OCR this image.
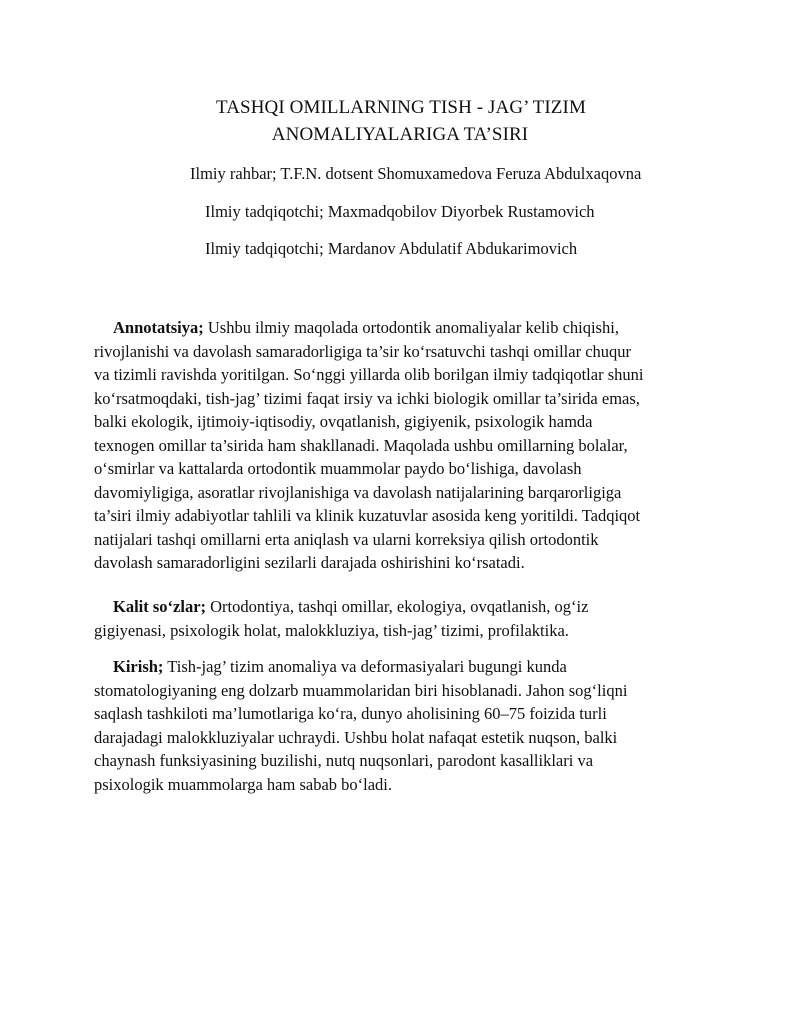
TASHQI OMILLARNING TISH - JAG’ TIZIM
ANOMALIYALARIGA TA’SIRI
Ilmiy rahbar; T.F.N. dotsent Shomuxamedova Feruza Abdulxaqovna
Ilmiy tadqiqotchi; Maxmadqobilov Diyorbek Rustamovich
Ilmiy tadqiqotchi; Mardanov Abdulatif Abdukarimovich
Annotatsiya; Ushbu ilmiy maqolada ortodontik anomaliyalar kelib chiqishi,
rivojlanishi va davolash samaradorligiga ta’sir ko‘rsatuvchi tashqi omillar chuqur
va tizimli ravishda yoritilgan. So‘nggi yillarda olib borilgan ilmiy tadqiqotlar shuni
ko‘rsatmoqdaki, tish-jag’ tizimi faqat irsiy va ichki biologik omillar ta’sirida emas,
balki ekologik, ijtimoiy-iqtisodiy, ovqatlanish, gigiyenik, psixologik hamda
texnogen omillar ta’sirida ham shakllanadi. Maqolada ushbu omillarning bolalar,
o‘smirlar va kattalarda ortodontik muammolar paydo bo‘lishiga, davolash
davomiyligiga, asoratlar rivojlanishiga va davolash natijalarining barqarorligiga
ta’siri ilmiy adabiyotlar tahlili va klinik kuzatuvlar asosida keng yoritildi. Tadqiqot
natijalari tashqi omillarni erta aniqlash va ularni korreksiya qilish ortodontik
davolash samaradorligini sezilarli darajada oshirishini ko‘rsatadi.
Kalit so‘zlar; Ortodontiya, tashqi omillar, ekologiya, ovqatlanish, og‘iz
gigiyenasi, psixologik holat, malokkluziya, tish-jag’ tizimi, profilaktika.
Kirish; Tish-jag’ tizim anomaliya va deformasiyalari bugungi kunda
stomatologiyaning eng dolzarb muammolaridan biri hisoblanadi. Jahon sog‘liqni
saqlash tashkiloti ma’lumotlariga ko‘ra, dunyo aholisining 60–75 foizida turli
darajadagi malokkluziyalar uchraydi. Ushbu holat nafaqat estetik nuqson, balki
chaynash funksiyasining buzilishi, nutq nuqsonlari, parodont kasalliklari va
psixologik muammolarga ham sabab bo‘ladi.
